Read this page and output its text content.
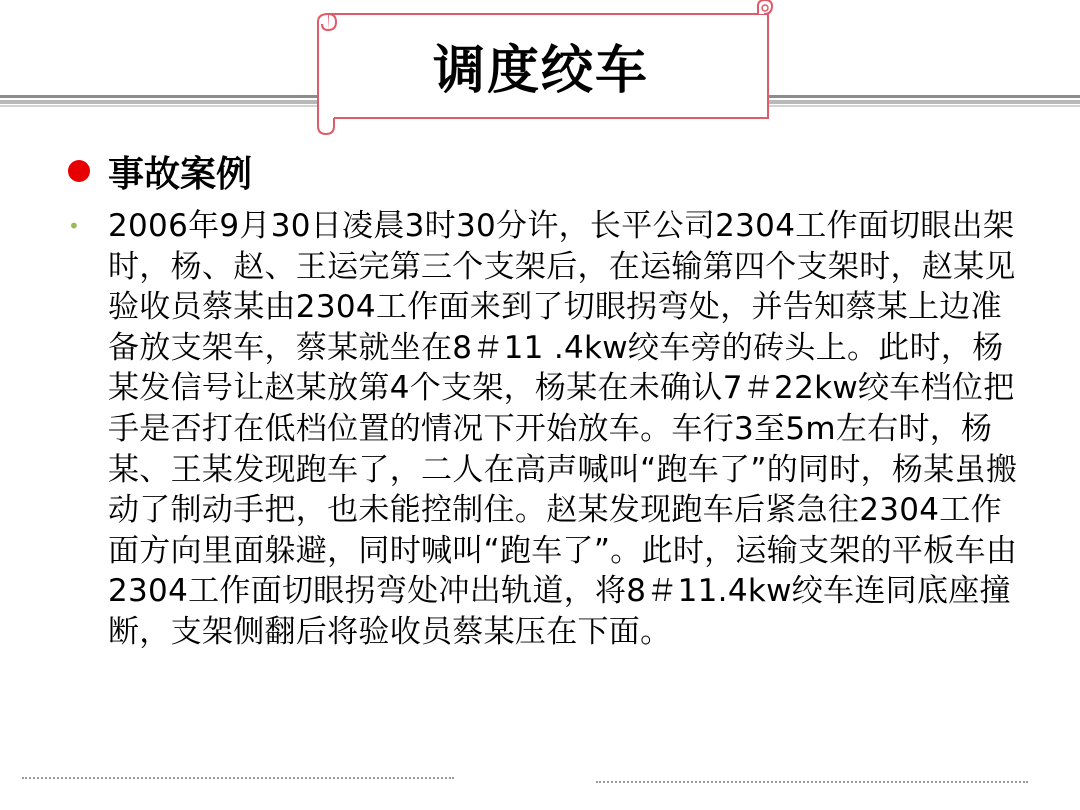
调度绞车
事故案例
• 2006年9月30日凌晨3时30分许，长平公司2304工作面切眼出架时，杨、赵、王运完第三个支架后，在运输第四个支架时，赵某见验收员蔡某由2304工作面来到了切眼拐弯处，并告知蔡某上边准备放支架车，蔡某就坐在8＃11 .4kw绞车旁的砖头上。此时，杨某发信号让赵某放第4个支架，杨某在未确认7＃22kw绞车档位把手是否打在低档位置的情况下开始放车。车行3至5m左右时，杨某、王某发现跑车了，二人在高声喊叫“跑车了”的同时，杨某虽搬动了制动手把，也未能控制住。赵某发现跑车后紧急往2304工作面方向里面躲避，同时喊叫“跑车了”。此时，运输支架的平板车由2304工作面切眼拐弯处冲出轨道，将8＃11.4kw绞车连同底座撞断，支架侧翻后将验收员蔡某压在下面。
